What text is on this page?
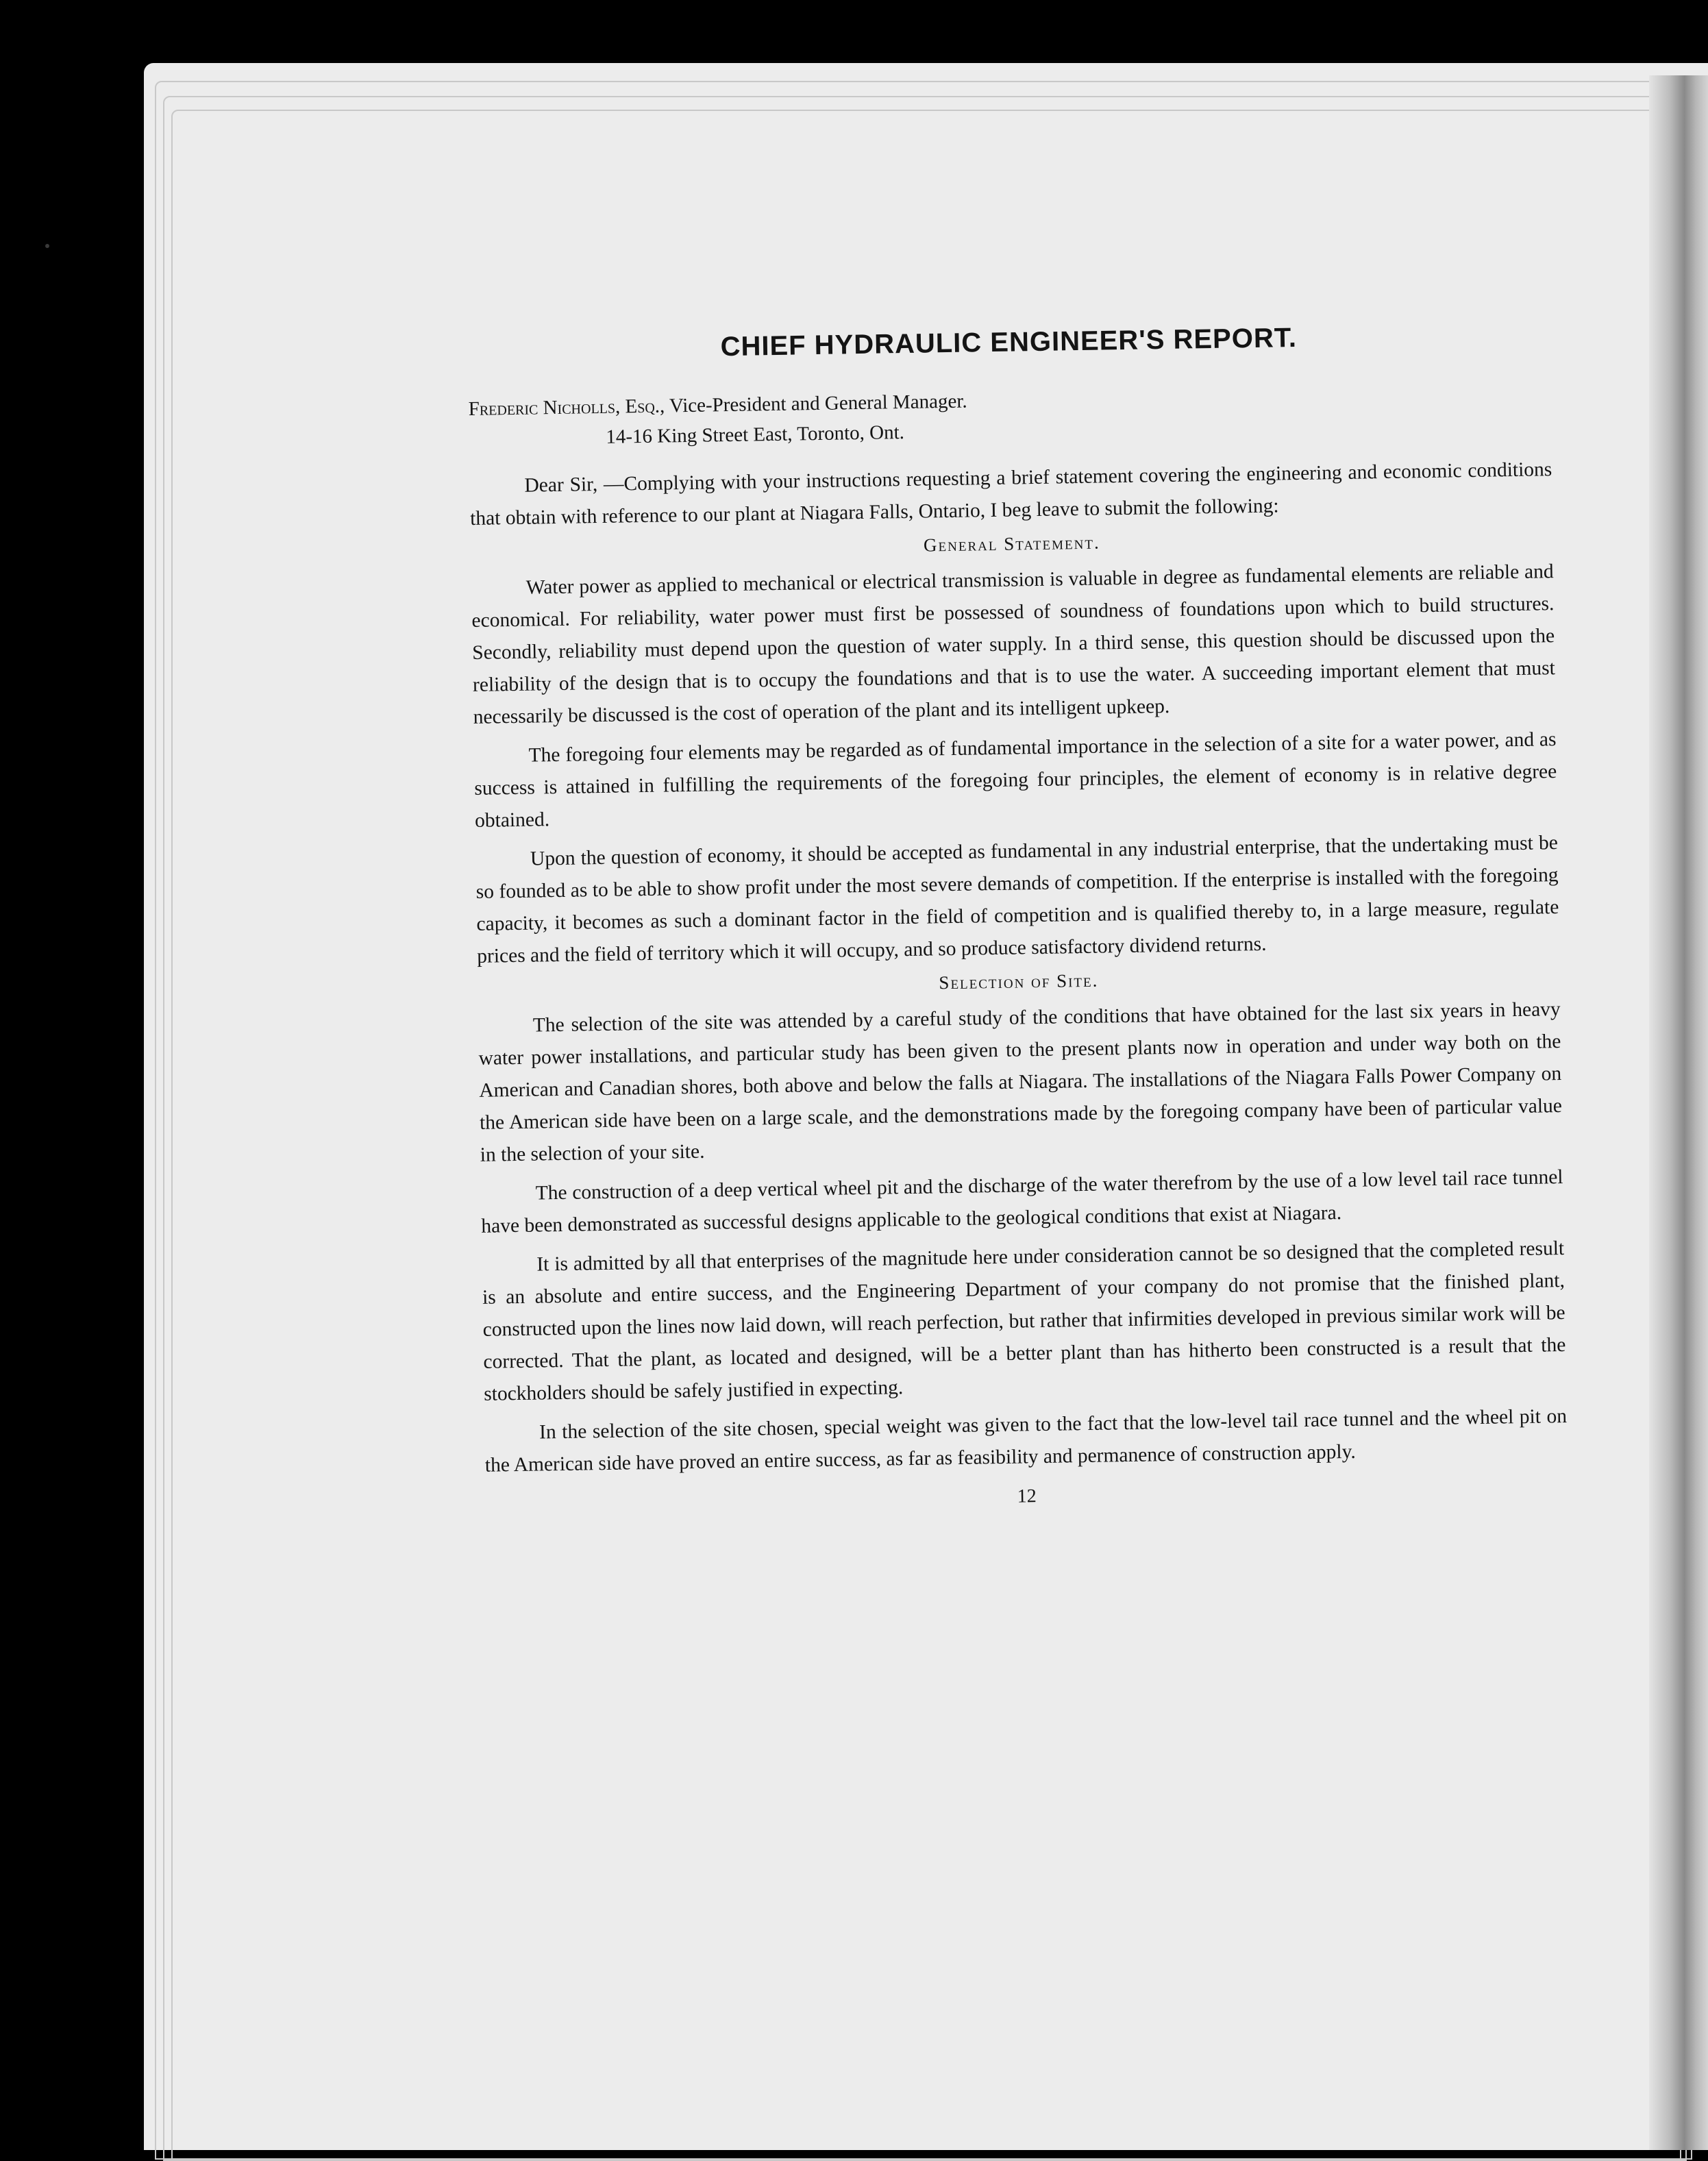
CHIEF HYDRAULIC ENGINEER'S REPORT.
Frederic Nicholls, Esq., Vice-President and General Manager.
14-16 King Street East, Toronto, Ont.

Dear Sir, —Complying with your instructions requesting a brief statement covering the engineering and economic conditions that obtain with reference to our plant at Niagara Falls, Ontario, I beg leave to submit the following:

General Statement.

Water power as applied to mechanical or electrical transmission is valuable in degree as fundamental elements are reliable and economical. For reliability, water power must first be possessed of soundness of foundations upon which to build structures. Secondly, reliability must depend upon the question of water supply. In a third sense, this question should be discussed upon the reliability of the design that is to occupy the foundations and that is to use the water. A succeeding important element that must necessarily be discussed is the cost of operation of the plant and its intelligent upkeep.

The foregoing four elements may be regarded as of fundamental importance in the selection of a site for a water power, and as success is attained in fulfilling the requirements of the foregoing four principles, the element of economy is in relative degree obtained.

Upon the question of economy, it should be accepted as fundamental in any industrial enterprise, that the undertaking must be so founded as to be able to show profit under the most severe demands of competition. If the enterprise is installed with the foregoing capacity, it becomes as such a dominant factor in the field of competition and is qualified thereby to, in a large measure, regulate prices and the field of territory which it will occupy, and so produce satisfactory dividend returns.

Selection of Site.

The selection of the site was attended by a careful study of the conditions that have obtained for the last six years in heavy water power installations, and particular study has been given to the present plants now in operation and under way both on the American and Canadian shores, both above and below the falls at Niagara. The installations of the Niagara Falls Power Company on the American side have been on a large scale, and the demonstrations made by the foregoing company have been of particular value in the selection of your site.

The construction of a deep vertical wheel pit and the discharge of the water therefrom by the use of a low level tail race tunnel have been demonstrated as successful designs applicable to the geological conditions that exist at Niagara.

It is admitted by all that enterprises of the magnitude here under consideration cannot be so designed that the completed result is an absolute and entire success, and the Engineering Department of your company do not promise that the finished plant, constructed upon the lines now laid down, will reach perfection, but rather that infirmities developed in previous similar work will be corrected. That the plant, as located and designed, will be a better plant than has hitherto been constructed is a result that the stockholders should be safely justified in expecting.

In the selection of the site chosen, special weight was given to the fact that the low-level tail race tunnel and the wheel pit on the American side have proved an entire success, as far as feasibility and permanence of construction apply.

12
